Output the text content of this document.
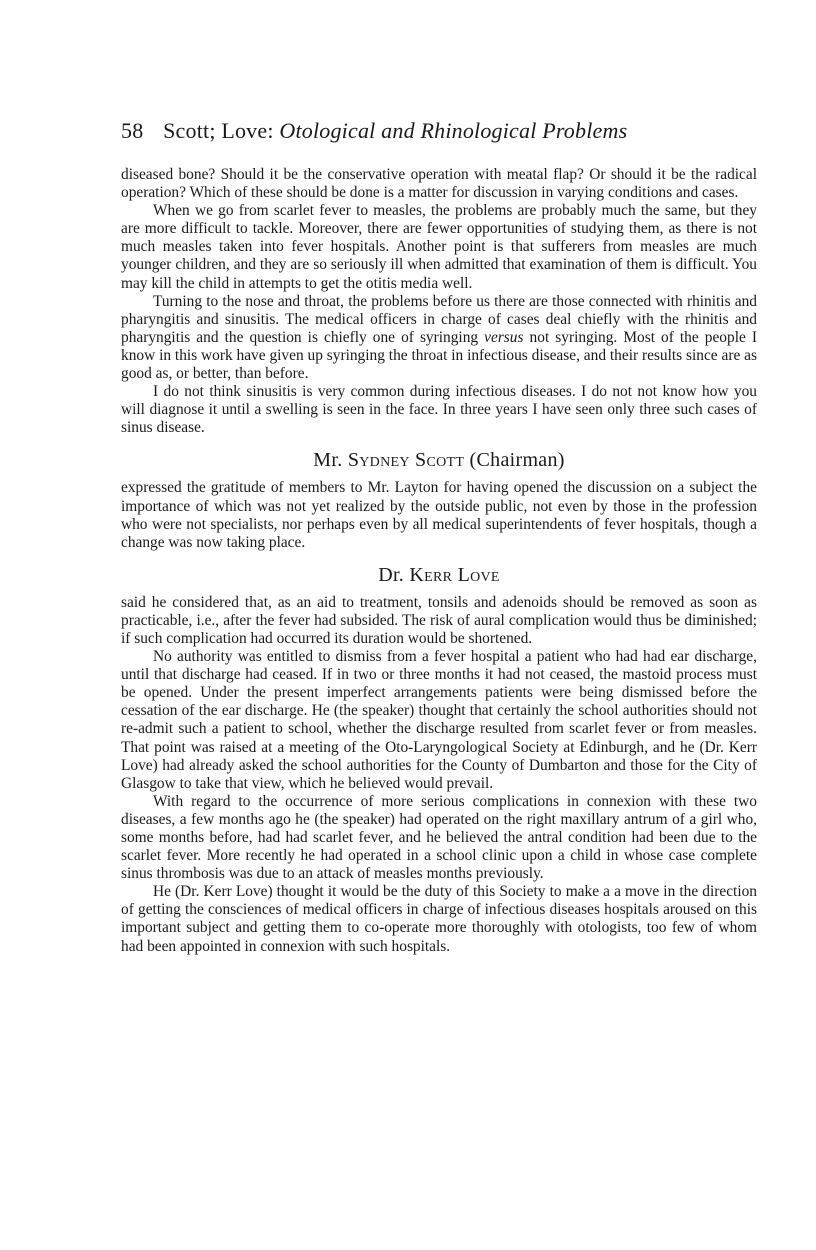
58 Scott; Love: Otological and Rhinological Problems

diseased bone? Should it be the conservative operation with meatal flap? Or should it be the radical operation? Which of these should be done is a matter for discussion in varying conditions and cases.

When we go from scarlet fever to measles, the problems are probably much the same, but they are more difficult to tackle. Moreover, there are fewer opportunities of studying them, as there is not much measles taken into fever hospitals. Another point is that sufferers from measles are much younger children, and they are so seriously ill when admitted that examination of them is difficult. You may kill the child in attempts to get the otitis media well.

Turning to the nose and throat, the problems before us there are those connected with rhinitis and pharyngitis and sinusitis. The medical officers in charge of cases deal chiefly with the rhinitis and pharyngitis and the question is chiefly one of syringing versus not syringing. Most of the people I know in this work have given up syringing the throat in infectious disease, and their results since are as good as, or better, than before.

I do not think sinusitis is very common during infectious diseases. I do not not know how you will diagnose it until a swelling is seen in the face. In three years I have seen only three such cases of sinus disease.

Mr. Sydney Scott (Chairman)

expressed the gratitude of members to Mr. Layton for having opened the discussion on a subject the importance of which was not yet realized by the outside public, not even by those in the profession who were not specialists, nor perhaps even by all medical superintendents of fever hospitals, though a change was now taking place.

Dr. Kerr Love

said he considered that, as an aid to treatment, tonsils and adenoids should be removed as soon as practicable, i.e., after the fever had subsided. The risk of aural complication would thus be diminished; if such complication had occurred its duration would be shortened.

No authority was entitled to dismiss from a fever hospital a patient who had had ear discharge, until that discharge had ceased. If in two or three months it had not ceased, the mastoid process must be opened. Under the present imperfect arrangements patients were being dismissed before the cessation of the ear discharge. He (the speaker) thought that certainly the school authorities should not re-admit such a patient to school, whether the discharge resulted from scarlet fever or from measles. That point was raised at a meeting of the Oto-Laryngological Society at Edinburgh, and he (Dr. Kerr Love) had already asked the school authorities for the County of Dumbarton and those for the City of Glasgow to take that view, which he believed would prevail.

With regard to the occurrence of more serious complications in connexion with these two diseases, a few months ago he (the speaker) had operated on the right maxillary antrum of a girl who, some months before, had had scarlet fever, and he believed the antral condition had been due to the scarlet fever. More recently he had operated in a school clinic upon a child in whose case complete sinus thrombosis was due to an attack of measles months previously.

He (Dr. Kerr Love) thought it would be the duty of this Society to make a a move in the direction of getting the consciences of medical officers in charge of infectious diseases hospitals aroused on this important subject and getting them to co-operate more thoroughly with otologists, too few of whom had been appointed in connexion with such hospitals.
